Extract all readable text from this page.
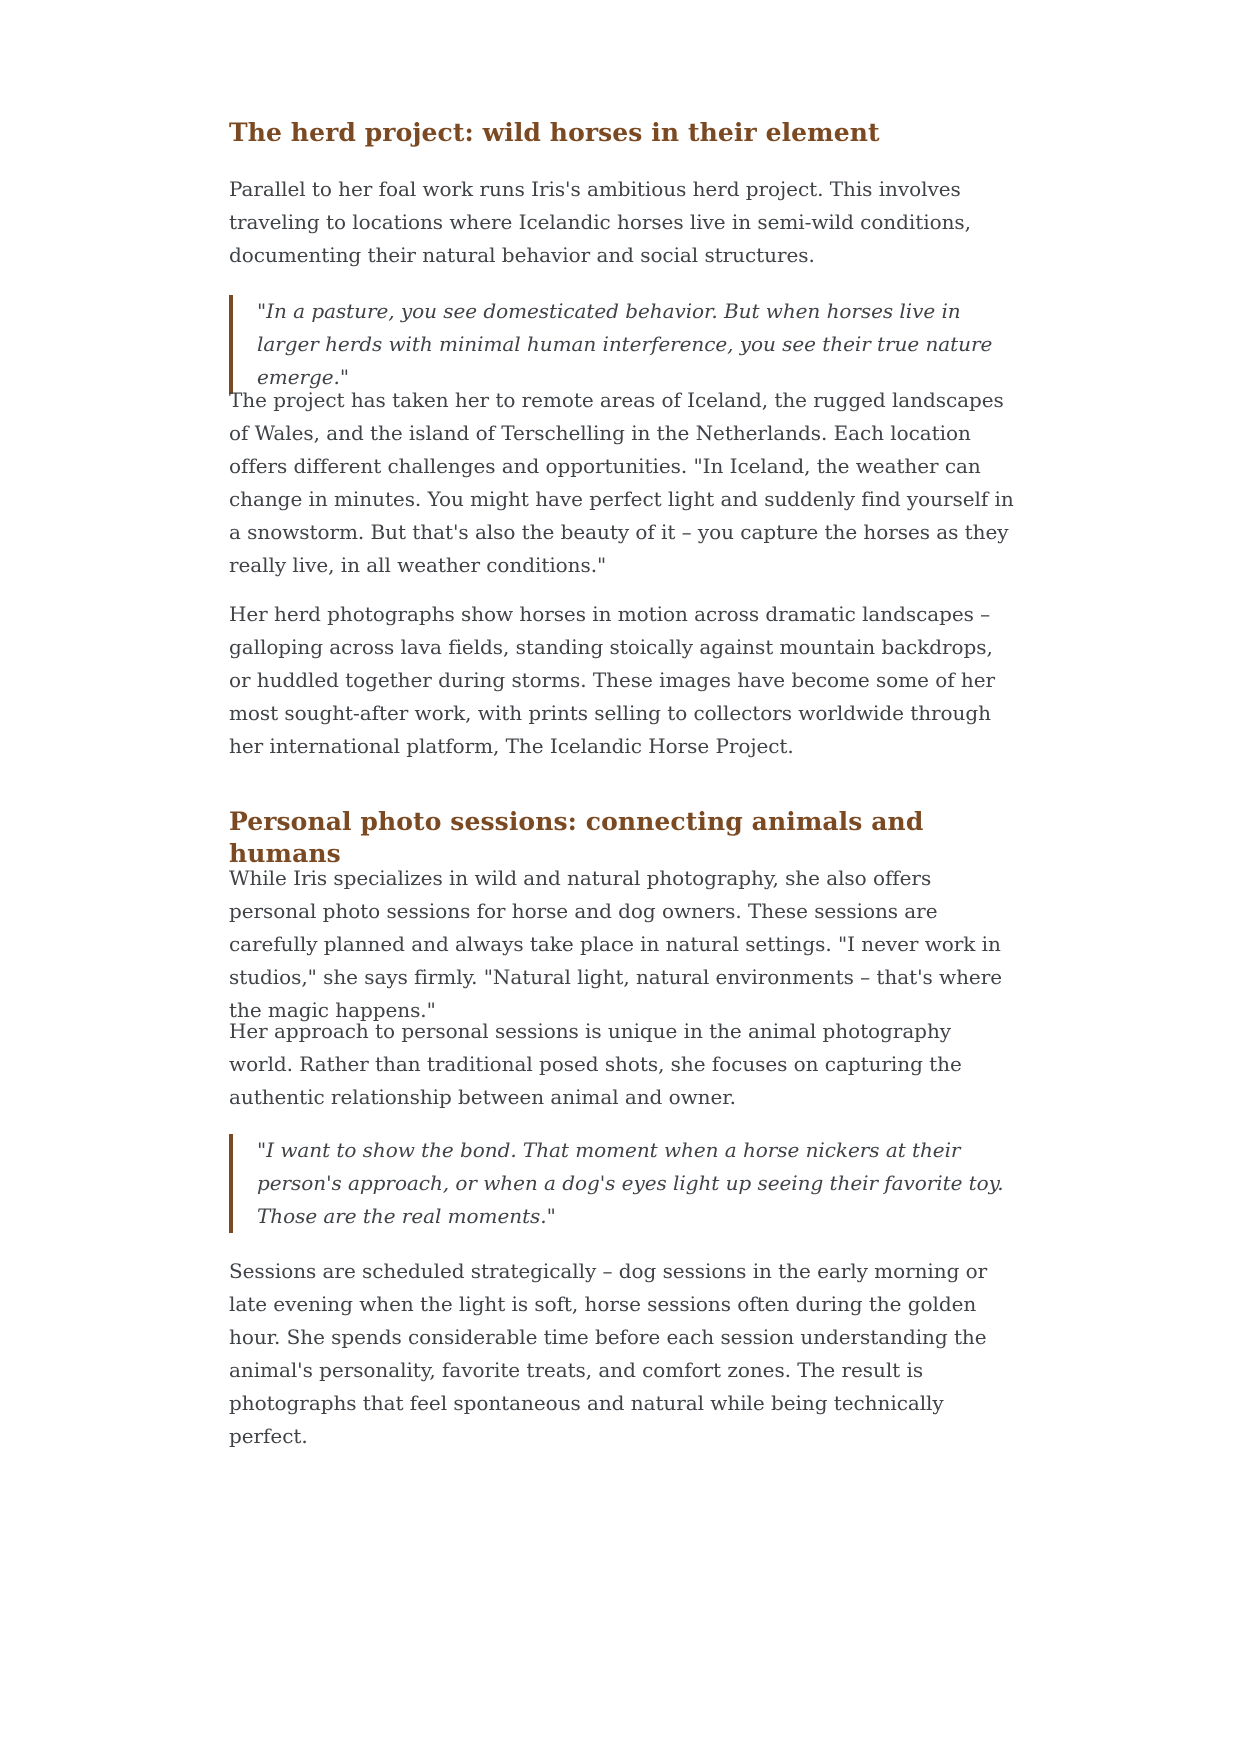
The herd project: wild horses in their element

Parallel to her foal work runs Iris's ambitious herd project. This involves traveling to locations where Icelandic horses live in semi-wild conditions, documenting their natural behavior and social structures.

"In a pasture, you see domesticated behavior. But when horses live in larger herds with minimal human interference, you see their true nature emerge."

The project has taken her to remote areas of Iceland, the rugged landscapes of Wales, and the island of Terschelling in the Netherlands. Each location offers different challenges and opportunities. "In Iceland, the weather can change in minutes. You might have perfect light and suddenly find yourself in a snowstorm. But that's also the beauty of it – you capture the horses as they really live, in all weather conditions."

Her herd photographs show horses in motion across dramatic landscapes – galloping across lava fields, standing stoically against mountain backdrops, or huddled together during storms. These images have become some of her most sought-after work, with prints selling to collectors worldwide through her international platform, The Icelandic Horse Project.

Personal photo sessions: connecting animals and humans

While Iris specializes in wild and natural photography, she also offers personal photo sessions for horse and dog owners. These sessions are carefully planned and always take place in natural settings. "I never work in studios," she says firmly. "Natural light, natural environments – that's where the magic happens."

Her approach to personal sessions is unique in the animal photography world. Rather than traditional posed shots, she focuses on capturing the authentic relationship between animal and owner.

"I want to show the bond. That moment when a horse nickers at their person's approach, or when a dog's eyes light up seeing their favorite toy. Those are the real moments."

Sessions are scheduled strategically – dog sessions in the early morning or late evening when the light is soft, horse sessions often during the golden hour. She spends considerable time before each session understanding the animal's personality, favorite treats, and comfort zones. The result is photographs that feel spontaneous and natural while being technically perfect.
